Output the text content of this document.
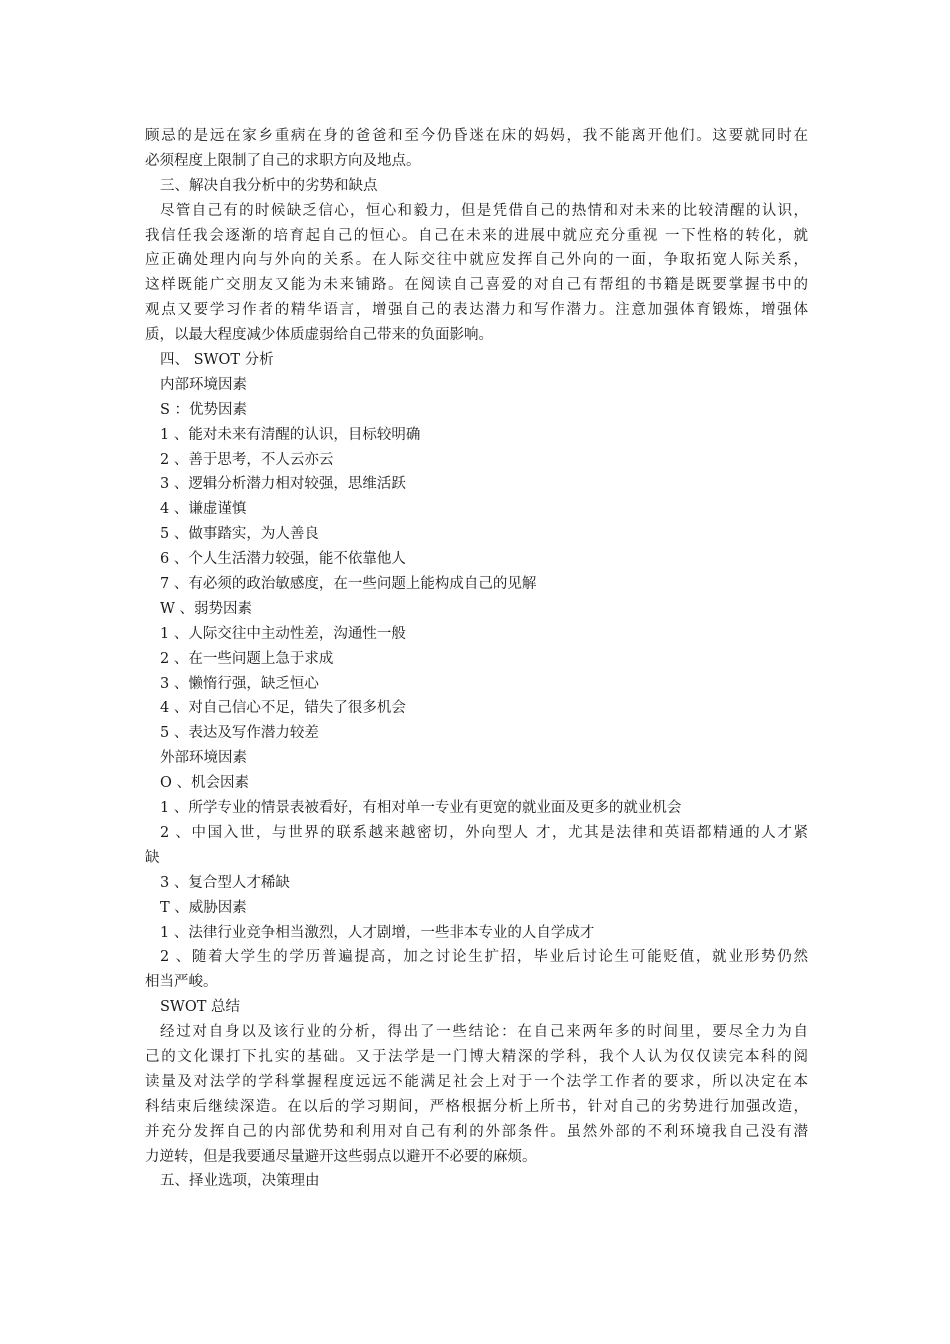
顾忌的是远在家乡重病在身的爸爸和至今仍昏迷在床的妈妈，我不能离开他们。这要就同时在
必须程度上限制了自己的求职方向及地点。
三、解决自我分析中的劣势和缺点
尽管自己有的时候缺乏信心，恒心和毅力，但是凭借自己的热情和对未来的比较清醒的认识，
我信任我会逐渐的培育起自己的恒心。自己在未来的进展中就应充分重视 一下性格的转化，就
应正确处理内向与外向的关系。在人际交往中就应发挥自己外向的一面，争取拓宽人际关系，
这样既能广交朋友又能为未来铺路。在阅读自己喜爱的对自己有帮组的书籍是既要掌握书中的
观点又要学习作者的精华语言，增强自己的表达潜力和写作潜力。注意加强体育锻炼，增强体
质，以最大程度减少体质虚弱给自己带来的负面影响。
四、 SWOT 分析
内部环境因素
S ：优势因素
1 、能对未来有清醒的认识，目标较明确
2 、善于思考，不人云亦云
3 、逻辑分析潜力相对较强，思维活跃
4 、谦虚谨慎
5 、做事踏实，为人善良
6 、个人生活潜力较强，能不依靠他人
7 、有必须的政治敏感度，在一些问题上能构成自己的见解
W 、弱势因素
1 、人际交往中主动性差，沟通性一般
2 、在一些问题上急于求成
3 、懒惰行强，缺乏恒心
4 、对自己信心不足，错失了很多机会
5 、表达及写作潜力较差
外部环境因素
O 、机会因素
1 、所学专业的情景表被看好，有相对单一专业有更宽的就业面及更多的就业机会
2 、中国入世，与世界的联系越来越密切，外向型人 才，尤其是法律和英语都精通的人才紧
缺
3 、复合型人才稀缺
T 、威胁因素
1 、法律行业竞争相当激烈，人才剧增，一些非本专业的人自学成才
2 、随着大学生的学历普遍提高，加之讨论生扩招，毕业后讨论生可能贬值，就业形势仍然
相当严峻。
SWOT 总结
经过对自身以及该行业的分析，得出了一些结论：在自己来两年多的时间里，要尽全力为自
己的文化课打下扎实的基础。又于法学是一门博大精深的学科，我个人认为仅仅读完本科的阅
读量及对法学的学科掌握程度远远不能满足社会上对于一个法学工作者的要求，所以决定在本
科结束后继续深造。在以后的学习期间，严格根据分析上所书，针对自己的劣势进行加强改造，
并充分发挥自己的内部优势和利用对自己有利的外部条件。虽然外部的不利环境我自己没有潜
力逆转，但是我要通尽量避开这些弱点以避开不必要的麻烦。
五、择业选项，决策理由
